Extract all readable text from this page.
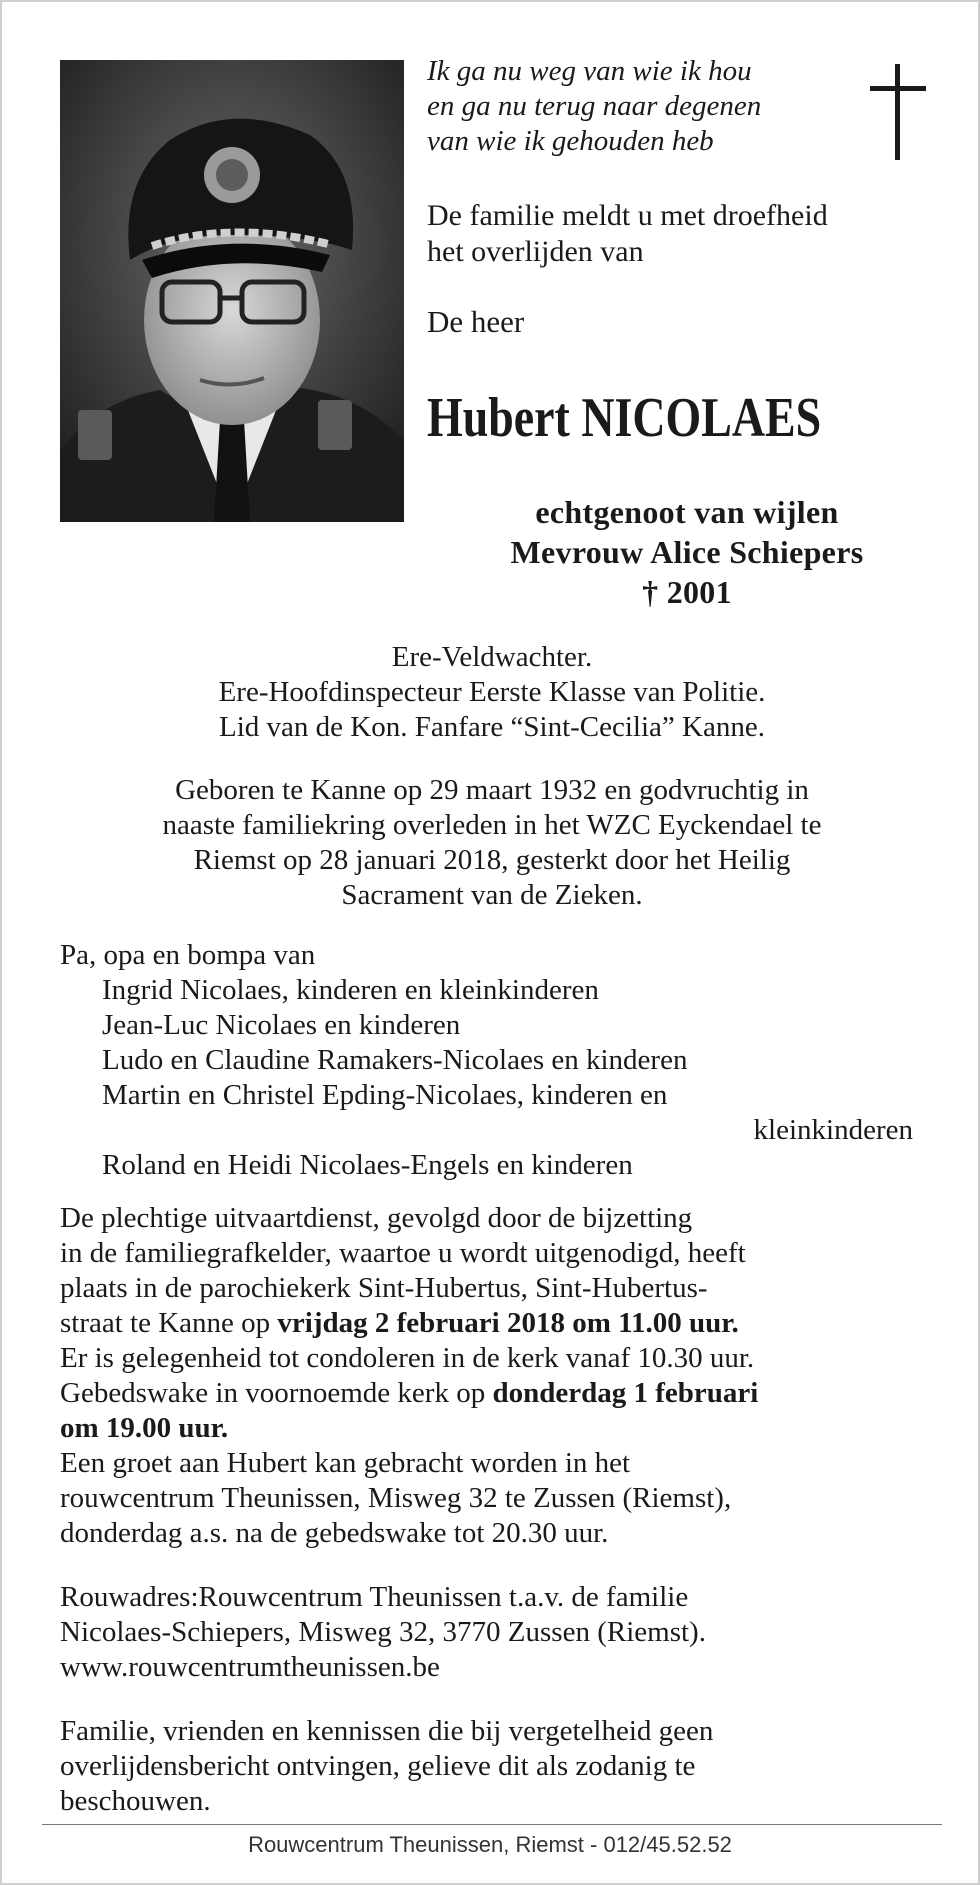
Ik ga nu weg van wie ik hou
en ga nu terug naar degenen
van wie ik gehouden heb
De familie meldt u met droefheid
het overlijden van
De heer
Hubert NICOLAES
echtgenoot van wijlen
Mevrouw Alice Schiepers
† 2001
Ere-Veldwachter.
Ere-Hoofdinspecteur Eerste Klasse van Politie.
Lid van de Kon. Fanfare “Sint-Cecilia” Kanne.
Geboren te Kanne op 29 maart 1932 en godvruchtig in
naaste familiekring overleden in het WZC Eyckendael te
Riemst op 28 januari 2018, gesterkt door het Heilig
Sacrament van de Zieken.
Pa, opa en bompa van
Ingrid Nicolaes, kinderen en kleinkinderen
Jean-Luc Nicolaes en kinderen
Ludo en Claudine Ramakers-Nicolaes en kinderen
Martin en Christel Epding-Nicolaes, kinderen en
kleinkinderen
Roland en Heidi Nicolaes-Engels en kinderen
De plechtige uitvaartdienst, gevolgd door de bijzetting
in de familiegrafkelder, waartoe u wordt uitgenodigd, heeft
plaats in de parochiekerk Sint-Hubertus, Sint-Hubertus-
straat te Kanne op vrijdag 2 februari 2018 om 11.00 uur.
Er is gelegenheid tot condoleren in de kerk vanaf 10.30 uur.
Gebedswake in voornoemde kerk op donderdag 1 februari
om 19.00 uur.
Een groet aan Hubert kan gebracht worden in het
rouwcentrum Theunissen, Misweg 32 te Zussen (Riemst),
donderdag a.s. na de gebedswake tot 20.30 uur.
Rouwadres:Rouwcentrum Theunissen t.a.v. de familie
Nicolaes-Schiepers, Misweg 32, 3770 Zussen (Riemst).
www.rouwcentrumtheunissen.be
Familie, vrienden en kennissen die bij vergetelheid geen
overlijdensbericht ontvingen, gelieve dit als zodanig te
beschouwen.
Rouwcentrum Theunissen, Riemst - 012/45.52.52
